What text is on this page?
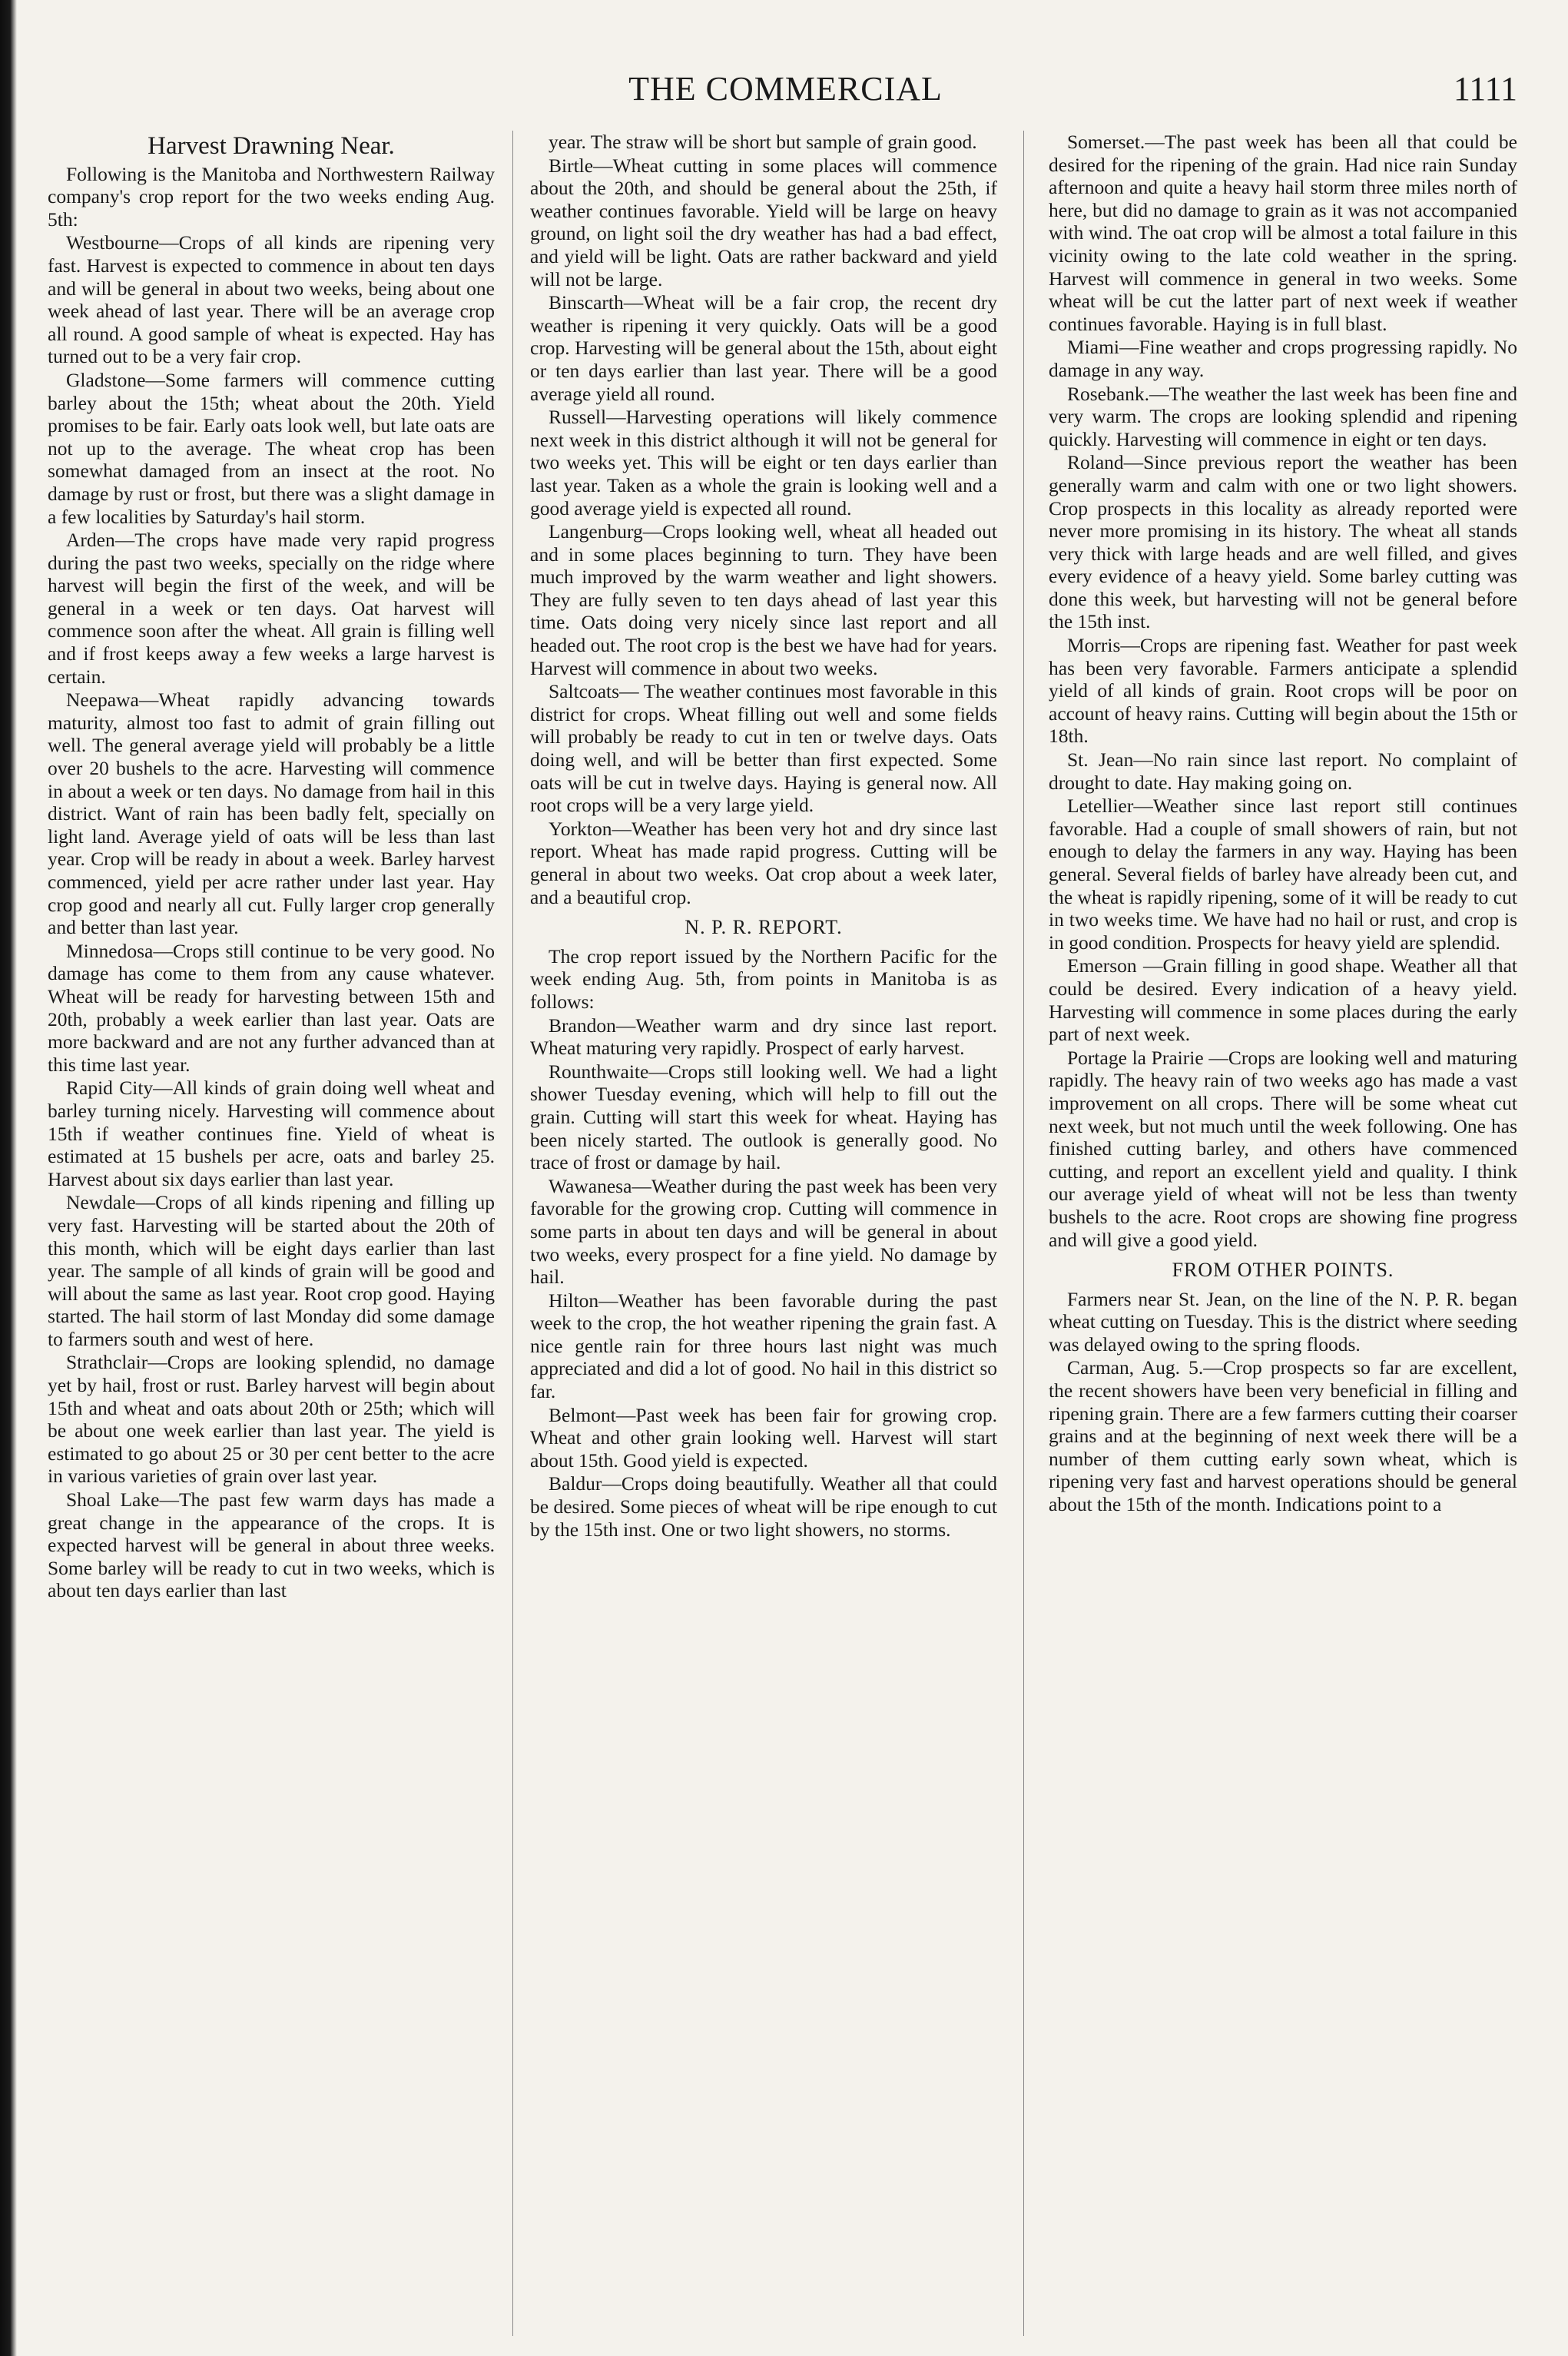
THE COMMERCIAL	1111
Harvest Drawning Near.

Following is the Manitoba and Northwestern Railway company's crop report for the two weeks ending Aug. 5th:

Westbourne—Crops of all kinds are ripening very fast. Harvest is expected to commence in about ten days and will be general in about two weeks, being about one week ahead of last year. There will be an average crop all round. A good sample of wheat is expected. Hay has turned out to be a very fair crop.

Gladstone—Some farmers will commence cutting barley about the 15th; wheat about the 20th. Yield promises to be fair. Early oats look well, but late oats are not up to the average. The wheat crop has been somewhat damaged from an insect at the root. No damage by rust or frost, but there was a slight damage in a few localities by Saturday's hail storm.

Arden—The crops have made very rapid progress during the past two weeks, specially on the ridge where harvest will begin the first of the week, and will be general in a week or ten days. Oat harvest will commence soon after the wheat. All grain is filling well and if frost keeps away a few weeks a large harvest is certain.

Neepawa—Wheat rapidly advancing towards maturity, almost too fast to admit of grain filling out well. The general average yield will probably be a little over 20 bushels to the acre. Harvesting will commence in about a week or ten days. No damage from hail in this district. Want of rain has been badly felt, specially on light land. Average yield of oats will be less than last year. Crop will be ready in about a week. Barley harvest commenced, yield per acre rather under last year. Hay crop good and nearly all cut. Fully larger crop generally and better than last year.

Minnedosa—Crops still continue to be very good. No damage has come to them from any cause whatever. Wheat will be ready for harvesting between 15th and 20th, probably a week earlier than last year. Oats are more backward and are not any further advanced than at this time last year.

Rapid City—All kinds of grain doing well wheat and barley turning nicely. Harvesting will commence about 15th if weather continues fine. Yield of wheat is estimated at 15 bushels per acre, oats and barley 25. Harvest about six days earlier than last year.

Newdale—Crops of all kinds ripening and filling up very fast. Harvesting will be started about the 20th of this month, which will be eight days earlier than last year. The sample of all kinds of grain will be good and will about the same as last year. Root crop good. Haying started. The hail storm of last Monday did some damage to farmers south and west of here.

Strathclair—Crops are looking splendid, no damage yet by hail, frost or rust. Barley harvest will begin about 15th and wheat and oats about 20th or 25th; which will be about one week earlier than last year. The yield is estimated to go about 25 or 30 per cent better to the acre in various varieties of grain over last year.

Shoal Lake—The past few warm days has made a great change in the appearance of the crops. It is expected harvest will be general in about three weeks. Some barley will be ready to cut in two weeks, which is about ten days earlier than last

year. The straw will be short but sample of grain good.

Birtle—Wheat cutting in some places will commence about the 20th, and should be general about the 25th, if weather continues favorable. Yield will be large on heavy ground, on light soil the dry weather has had a bad effect, and yield will be light. Oats are rather backward and yield will not be large.

Binscarth—Wheat will be a fair crop, the recent dry weather is ripening it very quickly. Oats will be a good crop. Harvesting will be general about the 15th, about eight or ten days earlier than last year. There will be a good average yield all round.

Russell—Harvesting operations will likely commence next week in this district although it will not be general for two weeks yet. This will be eight or ten days earlier than last year. Taken as a whole the grain is looking well and a good average yield is expected all round.

Langenburg—Crops looking well, wheat all headed out and in some places beginning to turn. They have been much improved by the warm weather and light showers. They are fully seven to ten days ahead of last year this time. Oats doing very nicely since last report and all headed out. The root crop is the best we have had for years. Harvest will commence in about two weeks.

Saltcoats— The weather continues most favorable in this district for crops. Wheat filling out well and some fields will probably be ready to cut in ten or twelve days. Oats doing well, and will be better than first expected. Some oats will be cut in twelve days. Haying is general now. All root crops will be a very large yield.

Yorkton—Weather has been very hot and dry since last report. Wheat has made rapid progress. Cutting will be general in about two weeks. Oat crop about a week later, and a beautiful crop.

N. P. R. REPORT.

The crop report issued by the Northern Pacific for the week ending Aug. 5th, from points in Manitoba is as follows:

Brandon—Weather warm and dry since last report. Wheat maturing very rapidly. Prospect of early harvest.

Rounthwaite—Crops still looking well. We had a light shower Tuesday evening, which will help to fill out the grain. Cutting will start this week for wheat. Haying has been nicely started. The outlook is generally good. No trace of frost or damage by hail.

Wawanesa—Weather during the past week has been very favorable for the growing crop. Cutting will commence in some parts in about ten days and will be general in about two weeks, every prospect for a fine yield. No damage by hail.

Hilton—Weather has been favorable during the past week to the crop, the hot weather ripening the grain fast. A nice gentle rain for three hours last night was much appreciated and did a lot of good. No hail in this district so far.

Belmont—Past week has been fair for growing crop. Wheat and other grain looking well. Harvest will start about 15th. Good yield is expected.

Baldur—Crops doing beautifully. Weather all that could be desired. Some pieces of wheat will be ripe enough to cut by the 15th inst. One or two light showers, no storms.

Somerset.—The past week has been all that could be desired for the ripening of the grain. Had nice rain Sunday afternoon and quite a heavy hail storm three miles north of here, but did no damage to grain as it was not accompanied with wind. The oat crop will be almost a total failure in this vicinity owing to the late cold weather in the spring. Harvest will commence in general in two weeks. Some wheat will be cut the latter part of next week if weather continues favorable. Haying is in full blast.

Miami—Fine weather and crops progressing rapidly. No damage in any way.

Rosebank.—The weather the last week has been fine and very warm. The crops are looking splendid and ripening quickly. Harvesting will commence in eight or ten days.

Roland—Since previous report the weather has been generally warm and calm with one or two light showers. Crop prospects in this locality as already reported were never more promising in its history. The wheat all stands very thick with large heads and are well filled, and gives every evidence of a heavy yield. Some barley cutting was done this week, but harvesting will not be general before the 15th inst.

Morris—Crops are ripening fast. Weather for past week has been very favorable. Farmers anticipate a splendid yield of all kinds of grain. Root crops will be poor on account of heavy rains. Cutting will begin about the 15th or 18th.

St. Jean—No rain since last report. No complaint of drought to date. Hay making going on.

Letellier—Weather since last report still continues favorable. Had a couple of small showers of rain, but not enough to delay the farmers in any way. Haying has been general. Several fields of barley have already been cut, and the wheat is rapidly ripening, some of it will be ready to cut in two weeks time. We have had no hail or rust, and crop is in good condition. Prospects for heavy yield are splendid.

Emerson —Grain filling in good shape. Weather all that could be desired. Every indication of a heavy yield. Harvesting will commence in some places during the early part of next week.

Portage la Prairie —Crops are looking well and maturing rapidly. The heavy rain of two weeks ago has made a vast improvement on all crops. There will be some wheat cut next week, but not much until the week following. One has finished cutting barley, and others have commenced cutting, and report an excellent yield and quality. I think our average yield of wheat will not be less than twenty bushels to the acre. Root crops are showing fine progress and will give a good yield.

FROM OTHER POINTS.

Farmers near St. Jean, on the line of the N. P. R. began wheat cutting on Tuesday. This is the district where seeding was delayed owing to the spring floods.

Carman, Aug. 5.—Crop prospects so far are excellent, the recent showers have been very beneficial in filling and ripening grain. There are a few farmers cutting their coarser grains and at the beginning of next week there will be a number of them cutting early sown wheat, which is ripening very fast and harvest operations should be general about the 15th of the month. Indications point to a
